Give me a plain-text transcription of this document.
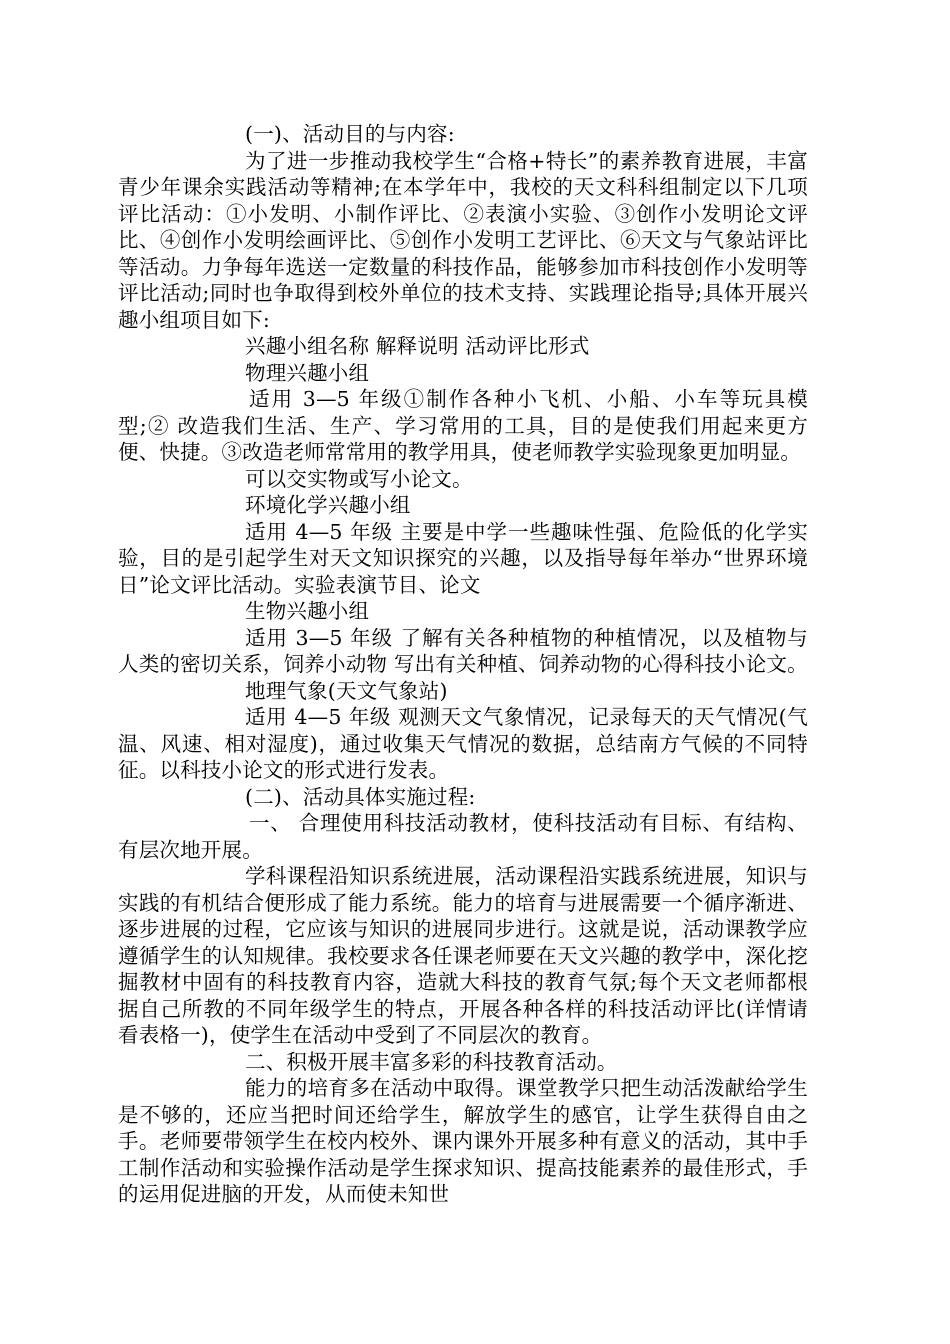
(一)、活动目的与内容:

为了进一步推动我校学生“合格+特长”的素养教育进展，丰富青少年课余实践活动等精神;在本学年中，我校的天文科科组制定以下几项评比活动：①小发明、小制作评比、②表演小实验、③创作小发明论文评比、④创作小发明绘画评比、⑤创作小发明工艺评比、⑥天文与气象站评比等活动。力争每年选送一定数量的科技作品，能够参加市科技创作小发明等评比活动;同时也争取得到校外单位的技术支持、实践理论指导;具体开展兴趣小组项目如下:

兴趣小组名称 解释说明 活动评比形式

物理兴趣小组

适用 3—5 年级①制作各种小飞机、小船、小车等玩具模型;② 改造我们生活、生产、学习常用的工具，目的是使我们用起来更方便、快捷。③改造老师常常用的教学用具，使老师教学实验现象更加明显。

可以交实物或写小论文。

环境化学兴趣小组

适用 4—5 年级 主要是中学一些趣味性强、危险低的化学实验，目的是引起学生对天文知识探究的兴趣，以及指导每年举办“世界环境日”论文评比活动。实验表演节目、论文

生物兴趣小组

适用 3—5 年级 了解有关各种植物的种植情况，以及植物与人类的密切关系，饲养小动物 写出有关种植、饲养动物的心得科技小论文。

地理气象(天文气象站)

适用 4—5 年级 观测天文气象情况，记录每天的天气情况(气温、风速、相对湿度)，通过收集天气情况的数据，总结南方气候的不同特征。以科技小论文的形式进行发表。

(二)、活动具体实施过程:

一、 合理使用科技活动教材，使科技活动有目标、有结构、有层次地开展。

学科课程沿知识系统进展，活动课程沿实践系统进展，知识与实践的有机结合便形成了能力系统。能力的培育与进展需要一个循序渐进、逐步进展的过程，它应该与知识的进展同步进行。这就是说，活动课教学应遵循学生的认知规律。我校要求各任课老师要在天文兴趣的教学中，深化挖掘教材中固有的科技教育内容，造就大科技的教育气氛;每个天文老师都根据自己所教的不同年级学生的特点，开展各种各样的科技活动评比(详情请看表格一)，使学生在活动中受到了不同层次的教育。

二、积极开展丰富多彩的科技教育活动。

能力的培育多在活动中取得。课堂教学只把生动活泼献给学生是不够的，还应当把时间还给学生，解放学生的感官，让学生获得自由之手。老师要带领学生在校内校外、课内课外开展多种有意义的活动，其中手工制作活动和实验操作活动是学生探求知识、提高技能素养的最佳形式，手的运用促进脑的开发，从而使未知世
